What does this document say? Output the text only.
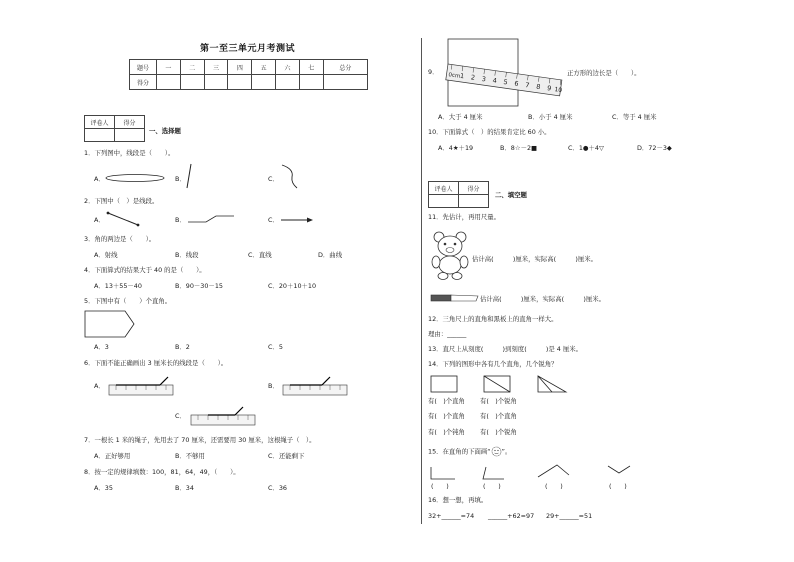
第一至三单元月考测试
题号	一	二	三	四	五	六	七	总分
得分								
评卷人	得分

一、选择题
1．下列图中，线段是（　　）。
A．	B．	C．
2．下图中（　）是线段。
A．	B．	C．
3．角的两边是（　　）。
A．射线	B．线段	C．直线	D．曲线
4．下面算式的结果大于 40 的是（　　）。
A．13＋55－40	B．90－30－15	C．20＋10＋10
5．下图中有（　　）个直角。
A．3	B．2	C．5
6．下面不能正确画出 3 厘米长的线段是（　　）。
A．	B．
C．
7．一根长 1 米的绳子，先用去了 70 厘米，还需要用 30 厘米，这根绳子（　）。
A．正好够用	B．不够用	C．还能剩下
8．按一定的规律填数：100，81，64，49，（　　）。
A．35	B．34	C．36
9． 0cm
1 2 3 4 5 6 7 8 9 10
正方形的边长是（　　）。
A．大于 4 厘米	B．小于 4 厘米	C．等于 4 厘米
10．下面算式（　）的结果肯定比 60 小。
A．4★＋19	B．8☆－2■	C．1●＋4▽	D．72－3◆
评卷人	得分

二、填空题
11．先估计，再用尺量。
估计高(　　　)厘米，实际高(　　　)厘米。
估计高(　　　)厘米，实际高(　　　)厘米。
12．三角尺上的直角和黑板上的直角一样大。
理由：______
13．直尺上从刻度(　　　)到刻度(　　　)是 4 厘米。
14．下列的图形中各有几个直角，几个锐角？
有(　)个直角 有(　)个锐角
有(　)个直角 有(　)个直角
有(　)个钝角 有(　)个锐角
15．在直角的下面画“ ”。
(　　)	(　　)	(　　)	(　　)
16．想一想，再填。
32+______=74 ______+62=97 29+______=51
